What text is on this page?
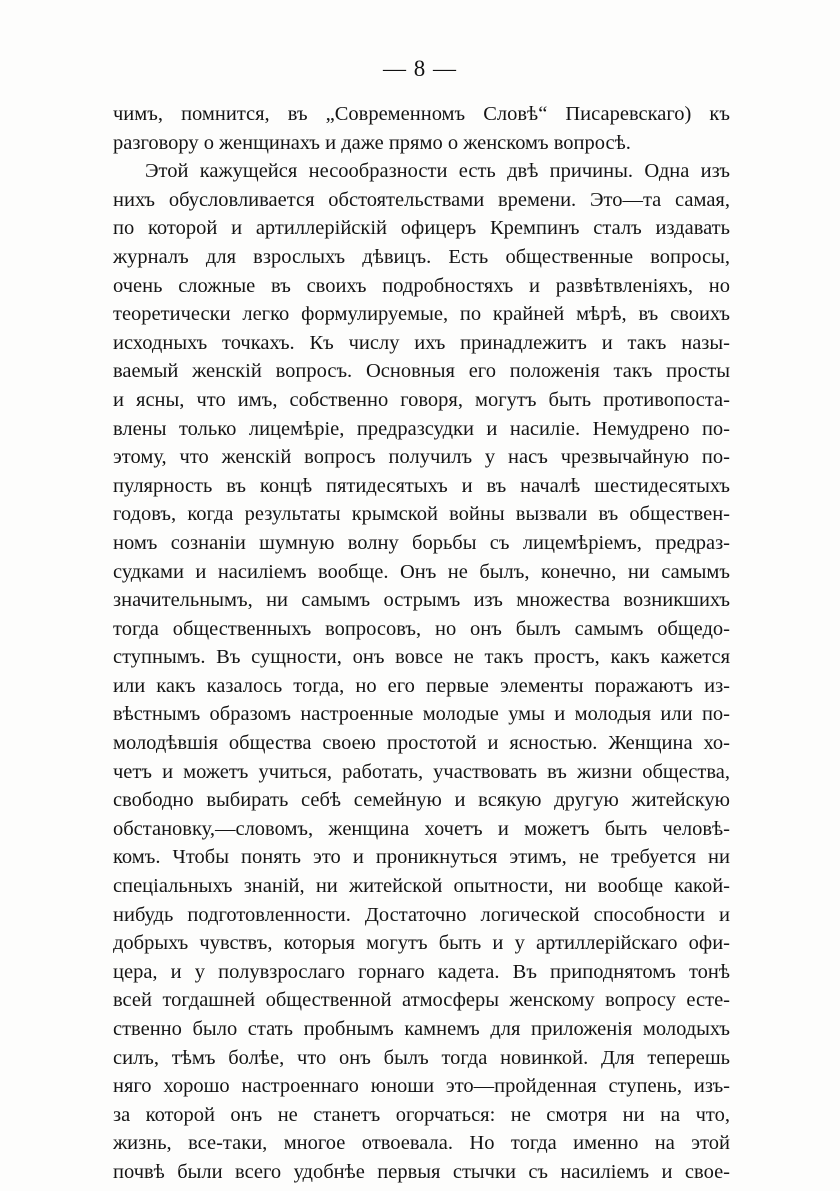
— 8 —
чимъ, помнится, въ „Современномъ Словѣ“ Писаревскаго) къ
разговору о женщинахъ и даже прямо о женскомъ вопросѣ.
Этой кажущейся несообразности есть двѣ причины. Одна изъ
нихъ обусловливается обстоятельствами времени. Это—та самая,
по которой и артиллерійскій офицеръ Кремпинъ сталъ издавать
журналъ для взрослыхъ дѣвицъ. Есть общественные вопросы,
очень сложные въ своихъ подробностяхъ и развѣтвленіяхъ, но
теоретически легко формулируемые, по крайней мѣрѣ, въ своихъ
исходныхъ точкахъ. Къ числу ихъ принадлежитъ и такъ назы-
ваемый женскій вопросъ. Основныя его положенія такъ просты
и ясны, что имъ, собственно говоря, могутъ быть противопоста-
влены только лицемѣріе, предразсудки и насиліе. Немудрено по-
этому, что женскій вопросъ получилъ у насъ чрезвычайную по-
пулярность въ концѣ пятидесятыхъ и въ началѣ шестидесятыхъ
годовъ, когда результаты крымской войны вызвали въ обществен-
номъ сознаніи шумную волну борьбы съ лицемѣріемъ, предраз-
судками и насиліемъ вообще. Онъ не былъ, конечно, ни самымъ
значительнымъ, ни самымъ острымъ изъ множества возникшихъ
тогда общественныхъ вопросовъ, но онъ былъ самымъ общедо-
ступнымъ. Въ сущности, онъ вовсе не такъ простъ, какъ кажется
или какъ казалось тогда, но его первые элементы поражаютъ из-
вѣстнымъ образомъ настроенные молодые умы и молодыя или по-
молодѣвшія общества своею простотой и ясностью. Женщина хо-
четъ и можетъ учиться, работать, участвовать въ жизни общества,
свободно выбирать себѣ семейную и всякую другую житейскую
обстановку,—словомъ, женщина хочетъ и можетъ быть человѣ-
комъ. Чтобы понять это и проникнуться этимъ, не требуется ни
спеціальныхъ знаній, ни житейской опытности, ни вообще какой-
нибудь подготовленности. Достаточно логической способности и
добрыхъ чувствъ, которыя могутъ быть и у артиллерійскаго офи-
цера, и у полувзрослаго горнаго кадета. Въ приподнятомъ тонѣ
всей тогдашней общественной атмосферы женскому вопросу есте-
ственно было стать пробнымъ камнемъ для приложенія молодыхъ
силъ, тѣмъ болѣе, что онъ былъ тогда новинкой. Для теперешь
няго хорошо настроеннаго юноши это—пройденная ступень, изъ-
за которой онъ не станетъ огорчаться: не смотря ни на что,
жизнь, все-таки, многое отвоевала. Но тогда именно на этой
почвѣ были всего удобнѣе первыя стычки съ насиліемъ и свое-
